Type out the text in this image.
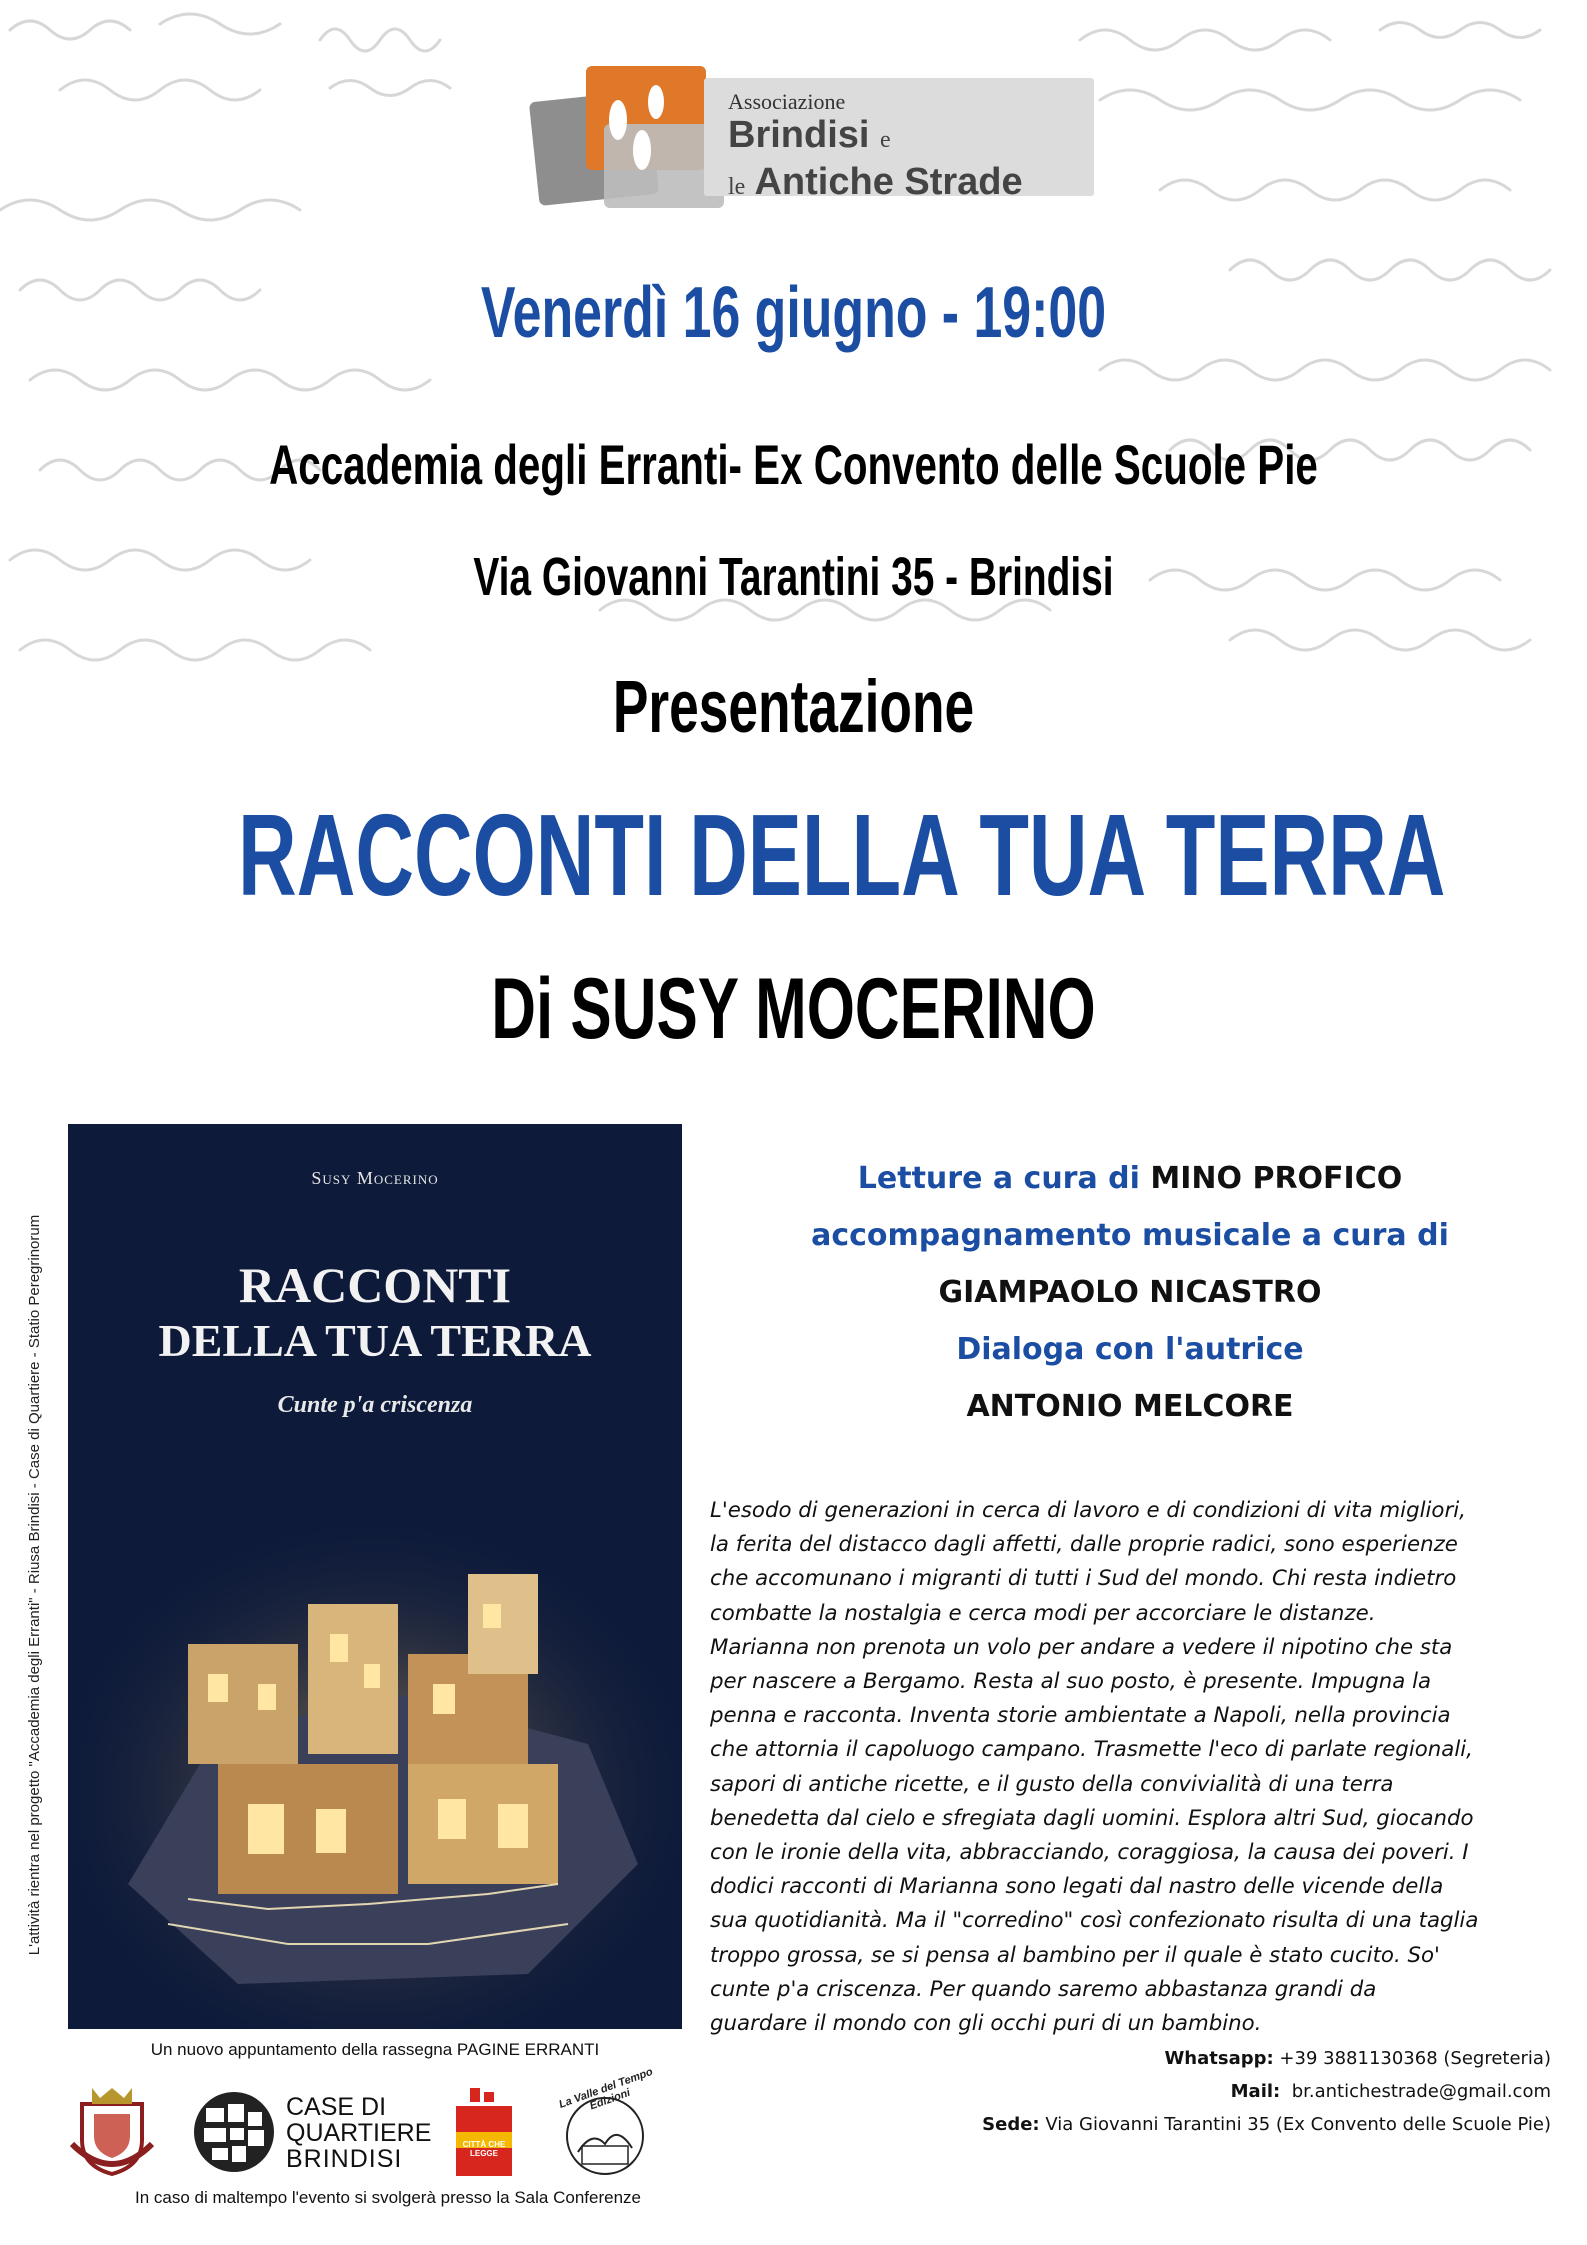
Associazione
Brindisi e
le Antiche Strade
Venerdì 16 giugno - 19:00
Accademia degli Erranti- Ex Convento delle Scuole Pie
Via Giovanni Tarantini 35 - Brindisi
Presentazione
RACCONTI DELLA TUA TERRA
Di SUSY MOCERINO
L'attività rientra nel progetto "Accademia degli Erranti" - Riusa Brindisi - Case di Quartiere - Statio Peregrinorum
Susy Mocerino
RACCONTI
DELLA TUA TERRA
Cunte p'a criscenza
Un nuovo appuntamento della rassegna PAGINE ERRANTI
CASE DI
QUARTIERE
BRINDISI
CITTÀ CHE LEGGE
La Valle del Tempo Edizioni
In caso di maltempo l'evento si svolgerà presso la Sala Conferenze
Letture a cura di MINO PROFICO
accompagnamento musicale a cura di
GIAMPAOLO NICASTRO
Dialoga con l'autrice
ANTONIO MELCORE
L'esodo di generazioni in cerca di lavoro e di condizioni di vita migliori,
la ferita del distacco dagli affetti, dalle proprie radici, sono esperienze
che accomunano i migranti di tutti i Sud del mondo. Chi resta indietro
combatte la nostalgia e cerca modi per accorciare le distanze.
Marianna non prenota un volo per andare a vedere il nipotino che sta
per nascere a Bergamo. Resta al suo posto, è presente. Impugna la
penna e racconta. Inventa storie ambientate a Napoli, nella provincia
che attornia il capoluogo campano. Trasmette l'eco di parlate regionali,
sapori di antiche ricette, e il gusto della convivialità di una terra
benedetta dal cielo e sfregiata dagli uomini. Esplora altri Sud, giocando
con le ironie della vita, abbracciando, coraggiosa, la causa dei poveri. I
dodici racconti di Marianna sono legati dal nastro delle vicende della
sua quotidianità. Ma il "corredino" così confezionato risulta di una taglia
troppo grossa, se si pensa al bambino per il quale è stato cucito. So'
cunte p'a criscenza. Per quando saremo abbastanza grandi da
guardare il mondo con gli occhi puri di un bambino.
Whatsapp: +39 3881130368 (Segreteria)
Mail: br.antichestrade@gmail.com
Sede: Via Giovanni Tarantini 35 (Ex Convento delle Scuole Pie)
